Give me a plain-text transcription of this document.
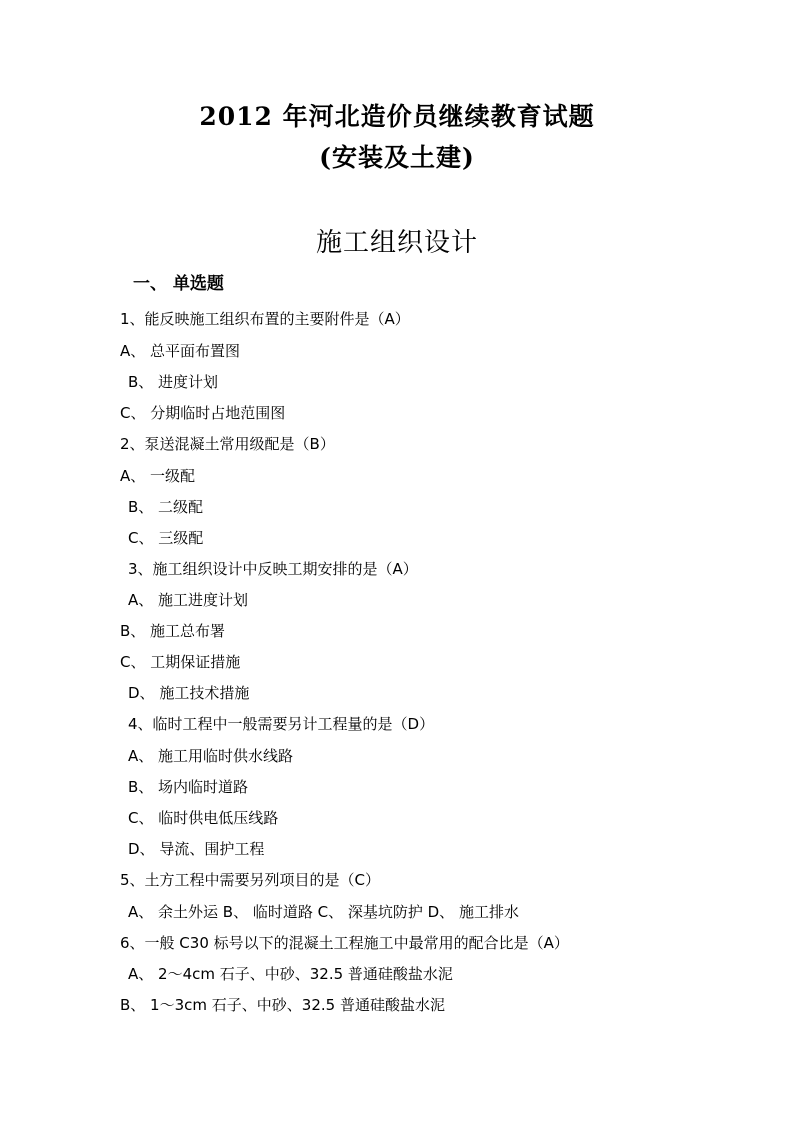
2012 年河北造价员继续教育试题
(安装及土建)
施工组织设计
一、 单选题
1、能反映施工组织布置的主要附件是（A）
A、 总平面布置图
B、 进度计划
C、 分期临时占地范围图
2、泵送混凝土常用级配是（B）
A、 一级配
B、 二级配
C、 三级配
3、施工组织设计中反映工期安排的是（A）
A、 施工进度计划
B、 施工总布署
C、 工期保证措施
D、 施工技术措施
4、临时工程中一般需要另计工程量的是（D）
A、 施工用临时供水线路
B、 场内临时道路
C、 临时供电低压线路
D、 导流、围护工程
5、土方工程中需要另列项目的是（C）
A、 余土外运 B、 临时道路 C、 深基坑防护 D、 施工排水
6、一般 C30 标号以下的混凝土工程施工中最常用的配合比是（A）
A、 2～4cm 石子、中砂、32.5 普通硅酸盐水泥
B、 1～3cm 石子、中砂、32.5 普通硅酸盐水泥
